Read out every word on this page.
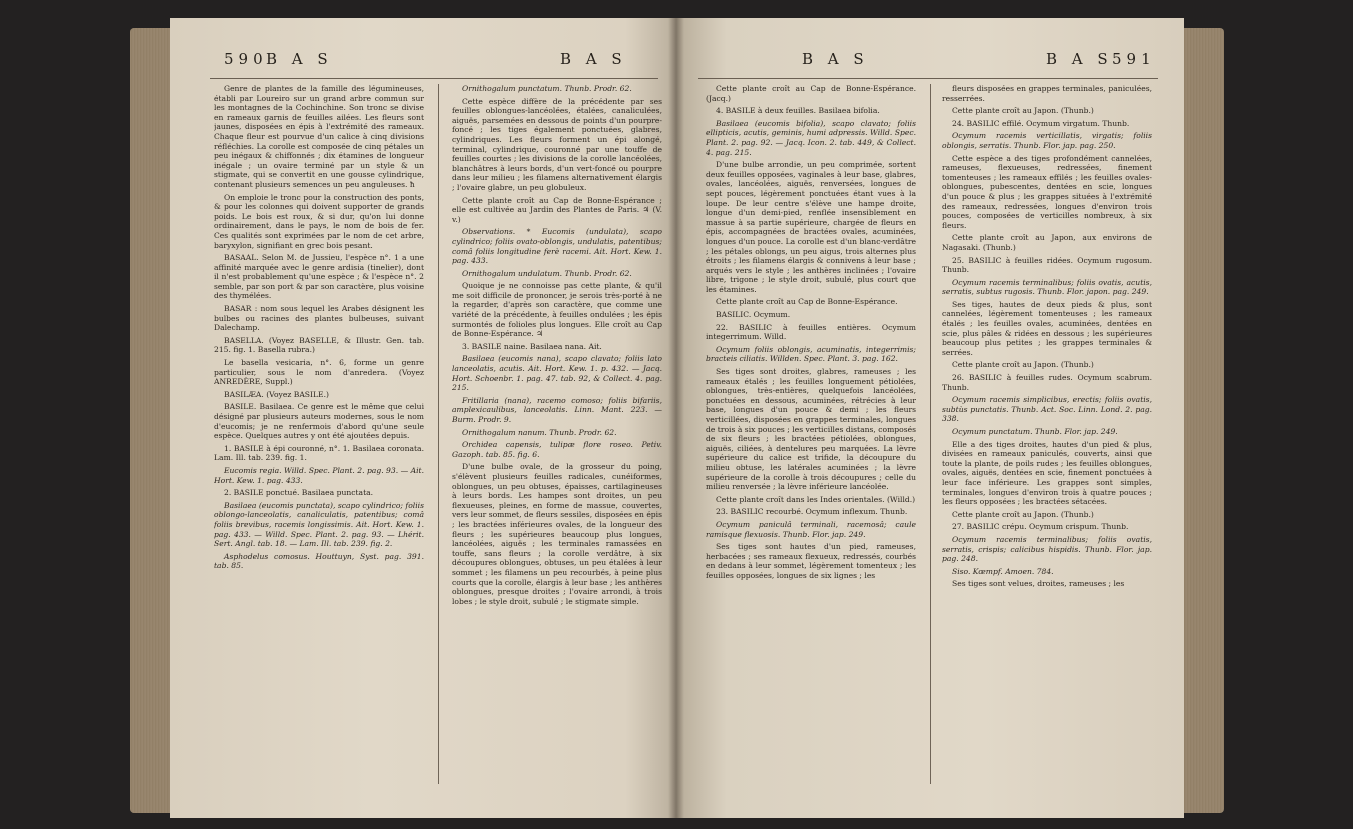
590
B A S	B A S

Genre de plantes de la famille des légumineuses, établi par Loureiro sur un grand arbre commun sur les montagnes de la Cochinchine. Son tronc se divise en rameaux garnis de feuilles ailées. Les fleurs sont jaunes, disposées en épis à l'extrémité des rameaux. Chaque fleur est pourvue d'un calice à cinq divisions réfléchies. La corolle est composée de cinq pétales un peu inégaux & chiffonnés ; dix étamines de longueur inégale ; un ovaire terminé par un style & un stigmate, qui se convertit en une gousse cylindrique, contenant plusieurs semences un peu anguleuses. ħ

On emploie le tronc pour la construction des ponts, & pour les colonnes qui doivent supporter de grands poids. Le bois est roux, & si dur, qu'on lui donne ordinairement, dans le pays, le nom de bois de fer. Ces qualités sont exprimées par le nom de cet arbre, baryxylon, signifiant en grec bois pesant.

BASAAL. Selon M. de Jussieu, l'espèce n°. 1 a une affinité marquée avec le genre ardisia (tinelier), dont il n'est probablement qu'une espèce ; & l'espèce n°. 2 semble, par son port & par son caractère, plus voisine des thymélées.

BASAR : nom sous lequel les Arabes désignent les bulbes ou racines des plantes bulbeuses, suivant Dalechamp.

BASELLA. (Voyez BASELLE, & Illustr. Gen. tab. 215. fig. 1. Basella rubra.)

Le basella vesicaria, n°. 6, forme un genre particulier, sous le nom d'anredera. (Voyez ANREDÈRE, Suppl.)

BASILÆA. (Voyez BASILE.)

BASILE. Basilaea. Ce genre est le même que celui désigné par plusieurs auteurs modernes, sous le nom d'eucomis; je ne renfermois d'abord qu'une seule espèce. Quelques autres y ont été ajoutées depuis.

1. BASILE à épi couronné, n°. 1. Basilaea coronata. Lam. Ill. tab. 239. fig. 1.

Eucomis regia. Willd. Spec. Plant. 2. pag. 93. — Ait. Hort. Kew. 1. pag. 433.

2. BASILE ponctué. Basilaea punctata.

Basilaea (eucomis punctata), scapo cylindrico; foliis oblongo-lanceolatis, canaliculatis, patentibus; comâ foliis brevibus, racemis longissimis. Ait. Hort. Kew. 1. pag. 433. — Willd. Spec. Plant. 2. pag. 93. — Lhérit. Sert. Angl. tab. 18. — Lam. Ill. tab. 239. fig. 2.

Asphodelus comosus. Houttuyn, Syst. pag. 391. tab. 85.

Ornithogalum punctatum. Thunb. Prodr. 62.

Cette espèce diffère de la précédente par ses feuilles oblongues-lancéolées, étalées, canaliculées, aiguës, parsemées en dessous de points d'un pourpre-foncé ; les tiges également ponctuées, glabres, cylindriques. Les fleurs forment un épi alongé, terminal, cylindrique, couronné par une touffe de feuilles courtes ; les divisions de la corolle lancéolées, blanchâtres à leurs bords, d'un vert-foncé ou pourpre dans leur milieu ; les filamens alternativement élargis ; l'ovaire glabre, un peu globuleux.

Cette plante croît au Cap de Bonne-Espérance ; elle est cultivée au Jardin des Plantes de Paris. ♃ (V. v.)

Observations. * Eucomis (undulata), scapo cylindrico; foliis ovato-oblongis, undulatis, patentibus; comâ foliis longitudine ferè racemi. Ait. Hort. Kew. 1. pag. 433.

Ornithogalum undulatum. Thunb. Prodr. 62.

Quoique je ne connoisse pas cette plante, & qu'il me soit difficile de prononcer, je serois très-porté à ne la regarder, d'après son caractère, que comme une variété de la précédente, à feuilles ondulées ; les épis surmontés de folioles plus longues. Elle croît au Cap de Bonne-Espérance. ♃

3. BASILE naine. Basilaea nana. Ait.

Basilaea (eucomis nana), scapo clavato; foliis lato lanceolatis, acutis. Ait. Hort. Kew. 1. p. 432. — Jacq. Hort. Schoenbr. 1. pag. 47. tab. 92, & Collect. 4. pag. 215.

Fritillaria (nana), racemo comoso; foliis bifariis, amplexicaulibus, lanceolatis. Linn. Mant. 223. — Burm. Prodr. 9.

Ornithogalum nanum. Thunb. Prodr. 62.

Orchidea capensis, tulipæ flore roseo. Petiv. Gazoph. tab. 85. fig. 6.

D'une bulbe ovale, de la grosseur du poing, s'élèvent plusieurs feuilles radicales, cunéiformes, oblongues, un peu obtuses, épaisses, cartilagineuses à leurs bords. Les hampes sont droites, un peu flexueuses, pleines, en forme de massue, couvertes, vers leur sommet, de fleurs sessiles, disposées en épis ; les bractées inférieures ovales, de la longueur des fleurs ; les supérieures beaucoup plus longues, lancéolées, aiguës ; les terminales ramassées en touffe, sans fleurs ; la corolle verdâtre, à six découpures oblongues, obtuses, un peu étalées à leur sommet ; les filamens un peu recourbés, à peine plus courts que la corolle, élargis à leur base ; les anthères oblongues, presque droites ; l'ovaire arrondi, à trois lobes ; le style droit, subulé ; le stigmate simple.

B A S	B A S 591

Cette plante croît au Cap de Bonne-Espérance. (Jacq.)

4. BASILE à deux feuilles. Basilaea bifolia.

Basilaea (eucomis bifolia), scapo clavato; foliis ellipticis, acutis, geminis, humi adpressis. Willd. Spec. Plant. 2. pag. 92. — Jacq. Icon. 2. tab. 449, & Collect. 4. pag. 215.

D'une bulbe arrondie, un peu comprimée, sortent deux feuilles opposées, vaginales à leur base, glabres, ovales, lancéolées, aiguës, renversées, longues de sept pouces, légèrement ponctuées étant vues à la loupe. De leur centre s'élève une hampe droite, longue d'un demi-pied, renflée insensiblement en massue à sa partie supérieure, chargée de fleurs en épis, accompagnées de bractées ovales, acuminées, longues d'un pouce. La corolle est d'un blanc-verdâtre ; les pétales oblongs, un peu aigus, trois alternes plus étroits ; les filamens élargis & connivens à leur base ; arqués vers le style ; les anthères inclinées ; l'ovaire libre, trigone ; le style droit, subulé, plus court que les étamines.

Cette plante croît au Cap de Bonne-Espérance.

BASILIC. Ocymum.

22. BASILIC à feuilles entières. Ocymum integerrimum. Willd.

Ocymum foliis oblongis, acuminatis, integerrimis; bracteis ciliatis. Willden. Spec. Plant. 3. pag. 162.

Ses tiges sont droites, glabres, rameuses ; les rameaux étalés ; les feuilles longuement pétiolées, oblongues, très-entières, quelquefois lancéolées, ponctuées en dessous, acuminées, rétrécies à leur base, longues d'un pouce & demi ; les fleurs verticillées, disposées en grappes terminales, longues de trois à six pouces ; les verticilles distans, composés de six fleurs ; les bractées pétiolées, oblongues, aiguës, ciliées, à dentelures peu marquées. La lèvre supérieure du calice est trifide, la découpure du milieu obtuse, les latérales acuminées ; la lèvre supérieure de la corolle à trois découpures ; celle du milieu renversée ; la lèvre inférieure lancéolée.

Cette plante croît dans les Indes orientales. (Willd.)

23. BASILIC recourbé. Ocymum inflexum. Thunb.

Ocymum paniculâ terminali, racemosâ; caule ramisque flexuosis. Thunb. Flor. jap. 249.

Ses tiges sont hautes d'un pied, rameuses, herbacées ; ses rameaux flexueux, redressés, courbés en dedans à leur sommet, légèrement tomenteux ; les feuilles opposées, longues de six lignes ; les

fleurs disposées en grappes terminales, paniculées, resserrées.

Cette plante croît au Japon. (Thunb.)

24. BASILIC effilé. Ocymum virgatum. Thunb.

Ocymum racemis verticillatis, virgatis; foliis oblongis, serratis. Thunb. Flor. jap. pag. 250.

Cette espèce a des tiges profondément cannelées, rameuses, flexueuses, redressées, finement tomenteuses ; les rameaux effilés ; les feuilles ovales-oblongues, pubescentes, dentées en scie, longues d'un pouce & plus ; les grappes situées à l'extrémité des rameaux, redressées, longues d'environ trois pouces, composées de verticilles nombreux, à six fleurs.

Cette plante croît au Japon, aux environs de Nagasaki. (Thunb.)

25. BASILIC à feuilles ridées. Ocymum rugosum. Thunb.

Ocymum racemis terminalibus; foliis ovatis, acutis, serratis, subtus rugosis. Thunb. Flor. japon. pag. 249.

Ses tiges, hautes de deux pieds & plus, sont cannelées, légèrement tomenteuses ; les rameaux étalés ; les feuilles ovales, acuminées, dentées en scie, plus pâles & ridées en dessous ; les supérieures beaucoup plus petites ; les grappes terminales & serrées.

Cette plante croît au Japon. (Thunb.)

26. BASILIC à feuilles rudes. Ocymum scabrum. Thunb.

Ocymum racemis simplicibus, erectis; foliis ovatis, subtùs punctatis. Thunb. Act. Soc. Linn. Lond. 2. pag. 338.

Ocymum punctatum. Thunb. Flor. jap. 249.

Elle a des tiges droites, hautes d'un pied & plus, divisées en rameaux paniculés, couverts, ainsi que toute la plante, de poils rudes ; les feuilles oblongues, ovales, aiguës, dentées en scie, finement ponctuées à leur face inférieure. Les grappes sont simples, terminales, longues d'environ trois à quatre pouces ; les fleurs opposées ; les bractées sétacées.

Cette plante croît au Japon. (Thunb.)

27. BASILIC crépu. Ocymum crispum. Thunb.

Ocymum racemis terminalibus; foliis ovatis, serratis, crispis; calicibus hispidis. Thunb. Flor. jap. pag. 248.

Siso. Kœmpf. Amoen. 784.

Ses tiges sont velues, droites, rameuses ; les
